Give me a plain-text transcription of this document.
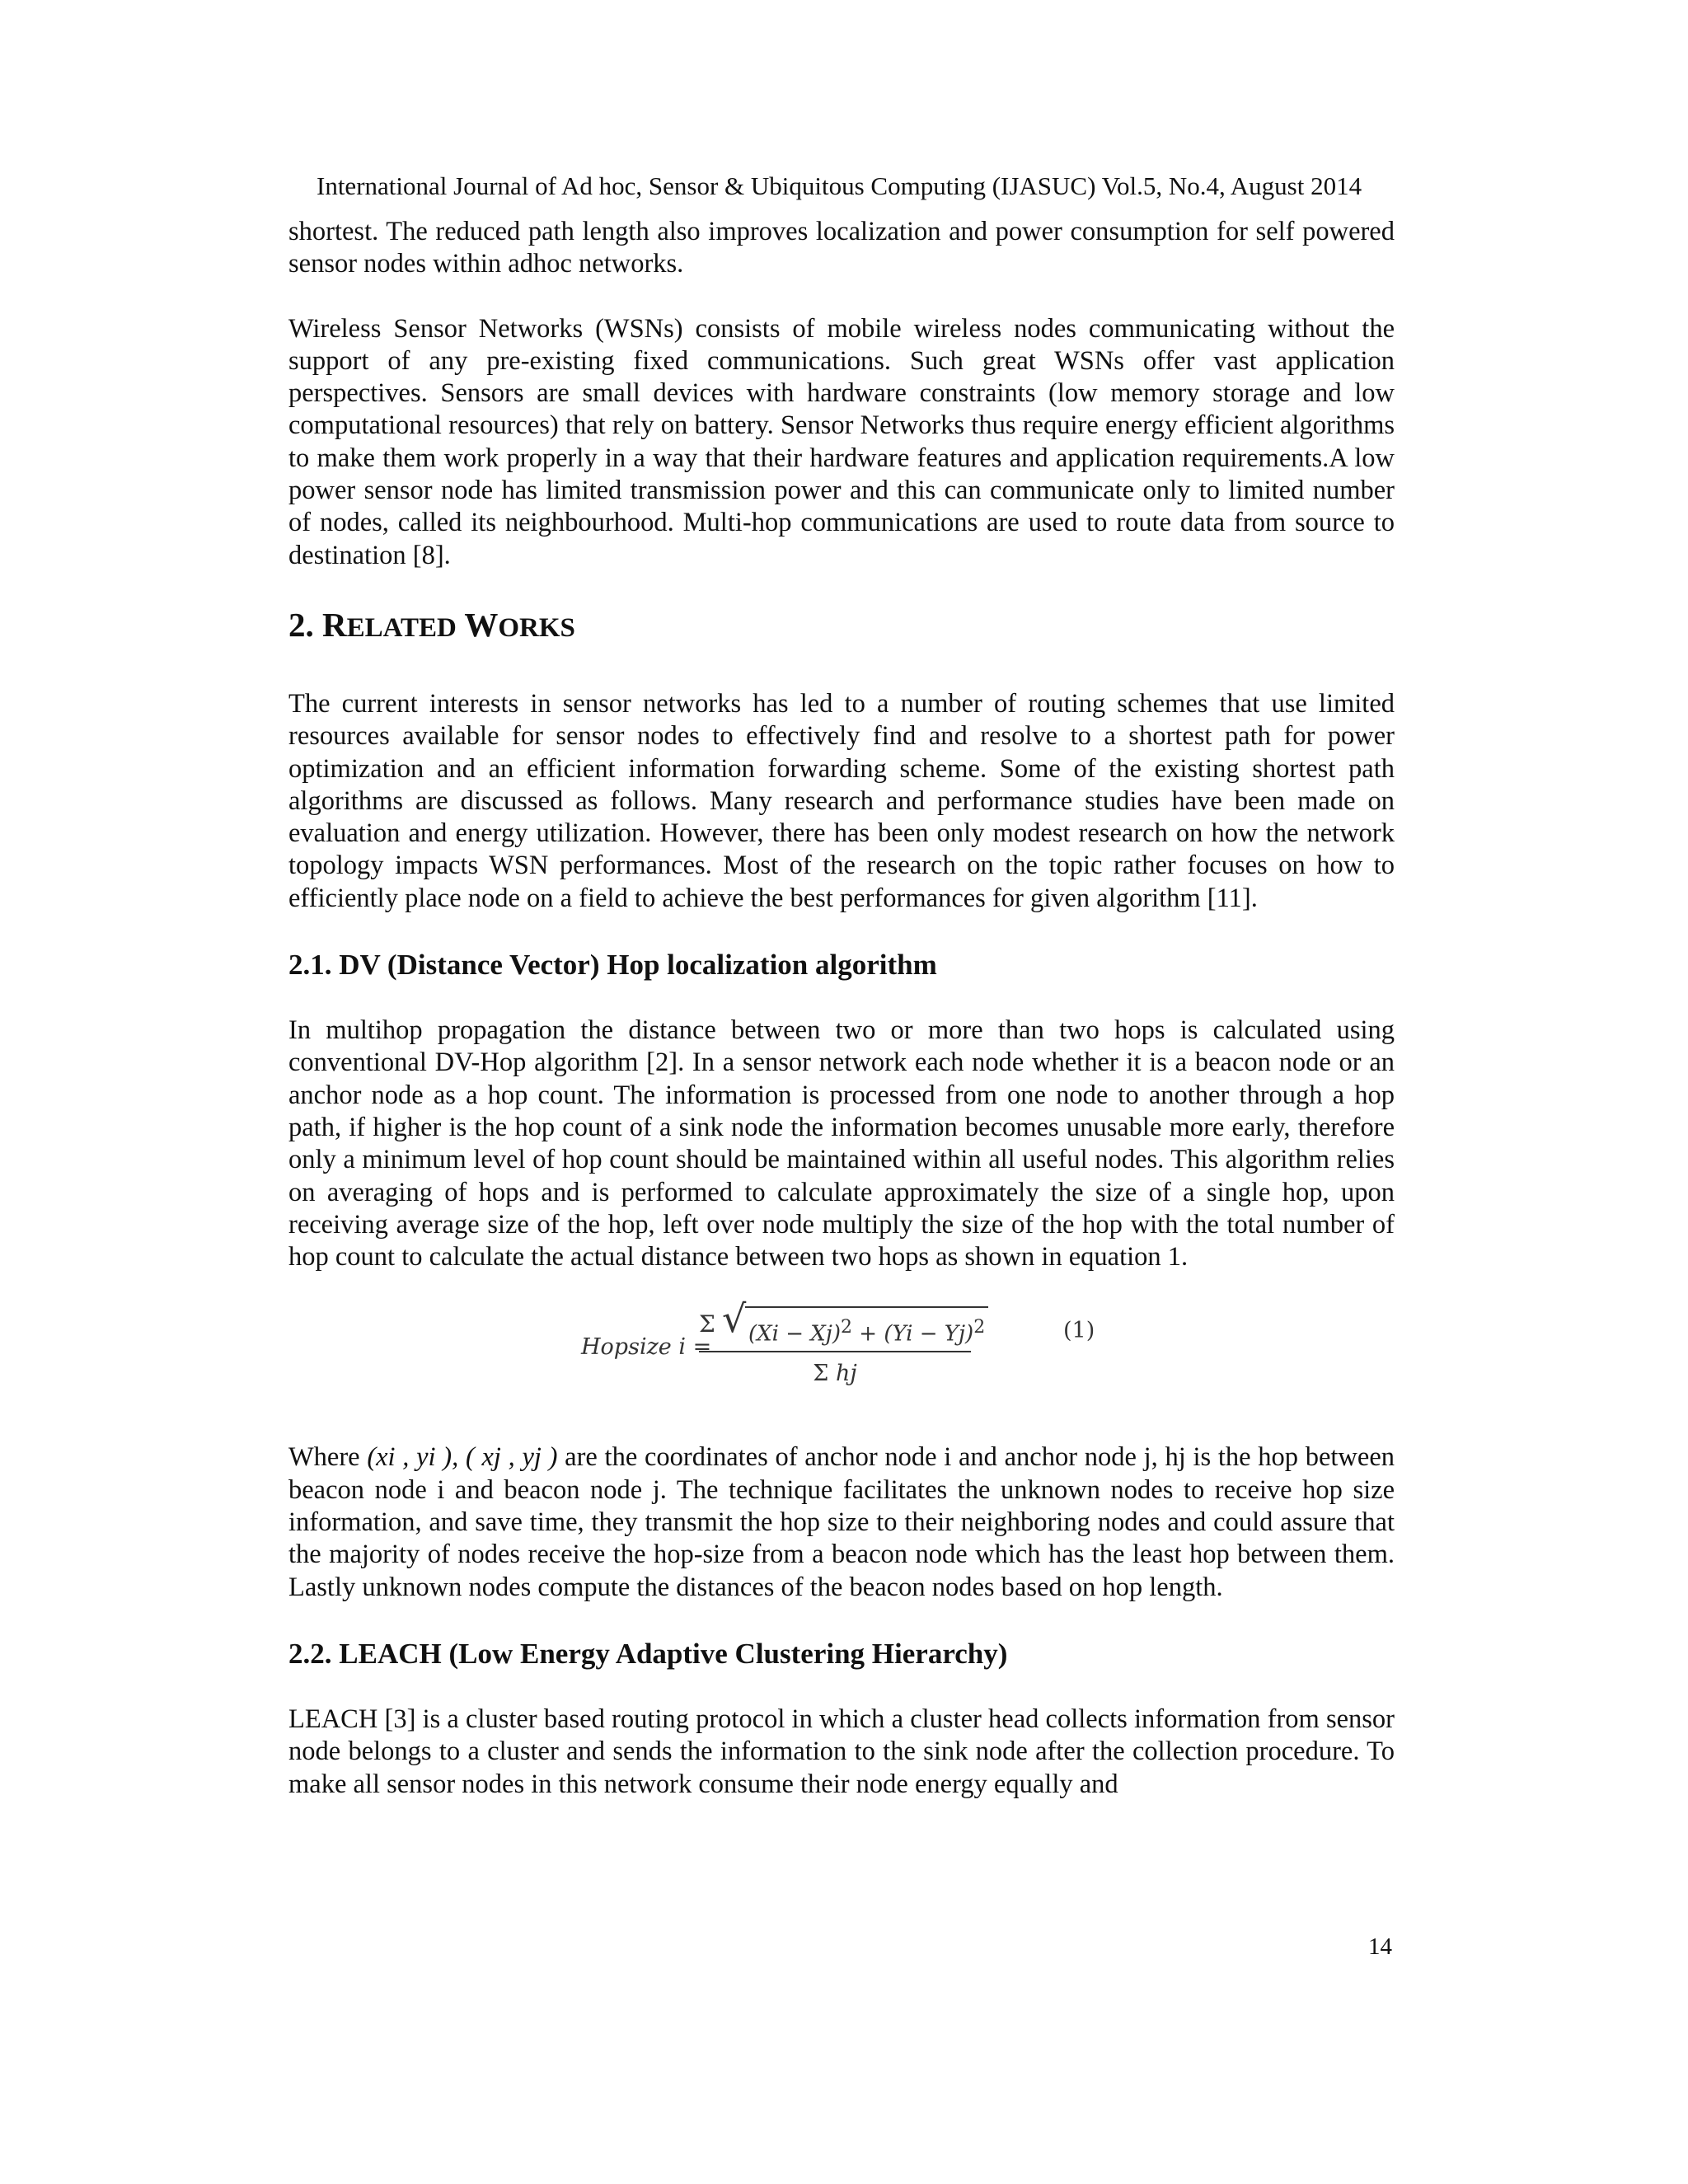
International Journal of Ad hoc, Sensor & Ubiquitous Computing (IJASUC) Vol.5, No.4, August 2014

shortest. The reduced path length also improves localization and power consumption for self powered sensor nodes within adhoc networks.

Wireless Sensor Networks (WSNs) consists of mobile wireless nodes communicating without the support of any pre-existing fixed communications. Such great WSNs offer vast application perspectives. Sensors are small devices with hardware constraints (low memory storage and low computational resources) that rely on battery. Sensor Networks thus require energy efficient algorithms to make them work properly in a way that their hardware features and application requirements.A low power sensor node has limited transmission power and this can communicate only to limited number of nodes, called its neighbourhood. Multi-hop communications are used to route data from source to destination [8].

2. RELATED WORKS

The current interests in sensor networks has led to a number of routing schemes that use limited resources available for sensor nodes to effectively find and resolve to a shortest path for power optimization and an efficient information forwarding scheme. Some of the existing shortest path algorithms are discussed as follows. Many research and performance studies have been made on evaluation and energy utilization. However, there has been only modest research on how the network topology impacts WSN performances. Most of the research on the topic rather focuses on how to efficiently place node on a field to achieve the best performances for given algorithm [11].

2.1. DV (Distance Vector) Hop localization algorithm

In multihop propagation the distance between two or more than two hops is calculated using conventional DV-Hop algorithm [2]. In a sensor network each node whether it is a beacon node or an anchor node as a hop count. The information is processed from one node to another through a hop path, if higher is the hop count of a sink node the information becomes unusable more early, therefore only a minimum level of hop count should be maintained within all useful nodes. This algorithm relies on averaging of hops and is performed to calculate approximately the size of a single hop, upon receiving average size of the hop, left over node multiply the size of the hop with the total number of hop count to calculate the actual distance between two hops as shown in equation 1.

Hopsize i =
Σ √ $(Xi - Xj)^2 + (Yi - Yj)^2$
Σ hj
(1)

Where (xi , yi ), ( xj , yj ) are the coordinates of anchor node i and anchor node j, hj is the hop between beacon node i and beacon node j. The technique facilitates the unknown nodes to receive hop size information, and save time, they transmit the hop size to their neighboring nodes and could assure that the majority of nodes receive the hop-size from a beacon node which has the least hop between them. Lastly unknown nodes compute the distances of the beacon nodes based on hop length.

2.2. LEACH (Low Energy Adaptive Clustering Hierarchy)

LEACH [3] is a cluster based routing protocol in which a cluster head collects information from sensor node belongs to a cluster and sends the information to the sink node after the collection procedure. To make all sensor nodes in this network consume their node energy equally and

14
